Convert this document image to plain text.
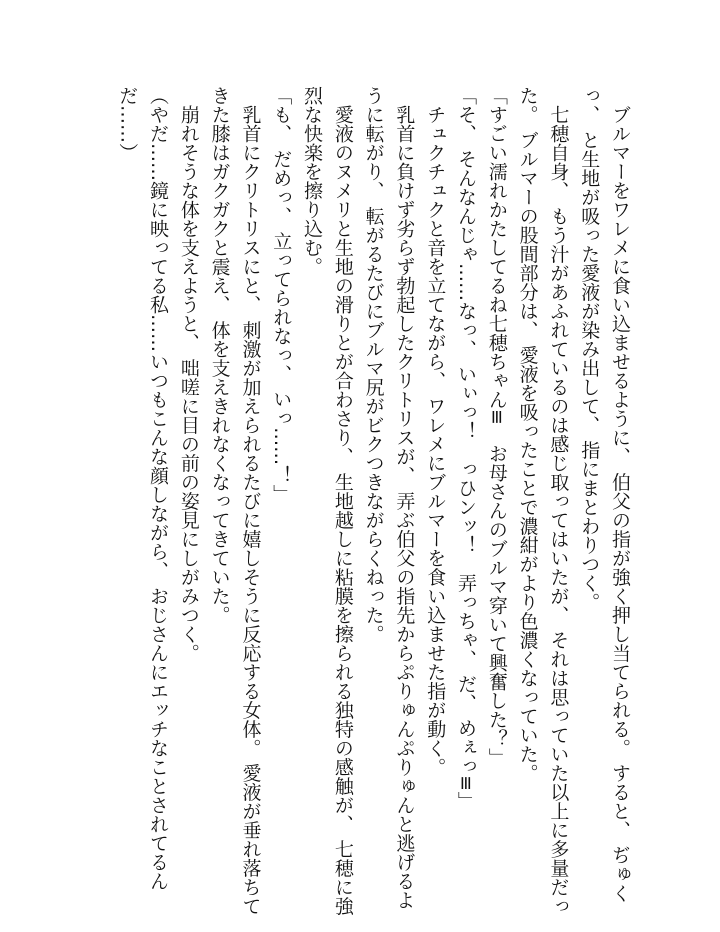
　ブルマーをワレメに食い込ませるように、 伯父の指が強く押し当てられる。 すると、 ぢゅく
っ、 と生地が吸った愛液が染み出して、 指にまとわりつく。
　七穂自身、 もう汁があふれているのは感じ取ってはいたが、 それは思っていた以上に多量だっ
た。 ブルマーの股間部分は、 愛液を吸ったことで濃紺がより色濃くなっていた。
「すごい濡れかたしてるね七穂ちゃん≡　お母さんのブルマ穿いて興奮した？」
「そ、 そんなんじゃ……なっ、 いぃっ！　っひンッ！　弄っちゃ、 だ、 めぇっ≡」
　チュクチュクと音を立てながら、 ワレメにブルマーを食い込ませた指が動く。
　乳首に負けず劣らず勃起したクリトリスが、 弄ぶ伯父の指先からぷりゅんぷりゅんと逃げるよ
うに転がり、 転がるたびにブルマ尻がビクつきながらくねった。
　愛液のヌメリと生地の滑りとが合わさり、 生地越しに粘膜を擦られる独特の感触が、 七穂に強
烈な快楽を擦り込む。
「も、 だめっ、 立ってられなっ、 いっ……！」
　乳首にクリトリスにと、 刺激が加えられるたびに嬉しそうに反応する女体。 愛液が垂れ落ちて
きた膝はガクガクと震え、 体を支えきれなくなってきていた。
　崩れそうな体を支えようと、 咄嗟に目の前の姿見にしがみつく。
（やだ……鏡に映ってる私……いつもこんな顔しながら、 おじさんにエッチなことされてるん
だ……）
